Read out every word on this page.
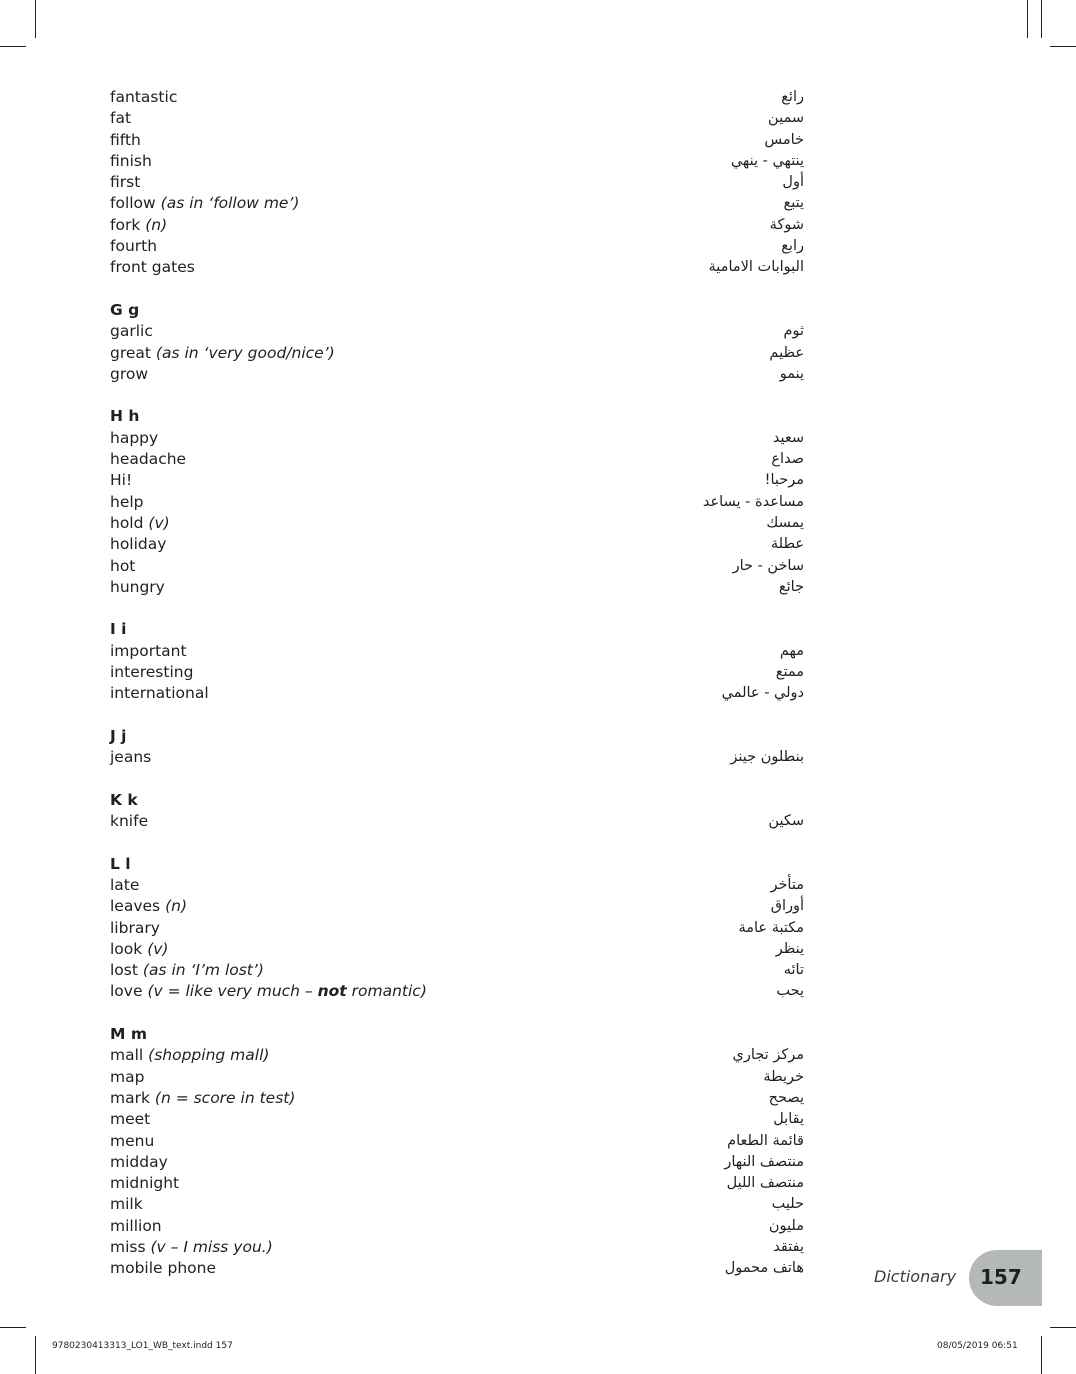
fantastic	رائع
fat	سمين
fifth	خامس
finish	ينتهي - ينهي
first	أول
follow (as in ‘follow me’)	يتبع
fork (n)	شوكة
fourth	رابع
front gates	البوابات الامامية
G g
garlic	ثوم
great (as in ‘very good/nice’)	عظيم
grow	ينمو
H h
happy	سعيد
headache	صداع
Hi!	مرحبا!
help	مساعدة - يساعد
hold (v)	يمسك
holiday	عطلة
hot	ساخن - حار
hungry	جائع
I i
important	مهم
interesting	ممتع
international	دولي - عالمي
J j
jeans	بنطلون جينز
K k
knife	سكين
L l
late	متأخر
leaves (n)	أوراق
library	مكتبة عامة
look (v)	ينظر
lost (as in ‘I’m lost’)	تائه
love (v = like very much – not romantic)	يحب
M m
mall (shopping mall)	مركز تجاري
map	خريطة
mark (n = score in test)	يصحح
meet	يقابل
menu	قائمة الطعام
midday	منتصف النهار
midnight	منتصف الليل
milk	حليب
million	مليون
miss (v – I miss you.)	يفتقد
mobile phone	هاتف محمول	Dictionary 157
9780230413313_LO1_WB_text.indd 157	08/05/2019 06:51
